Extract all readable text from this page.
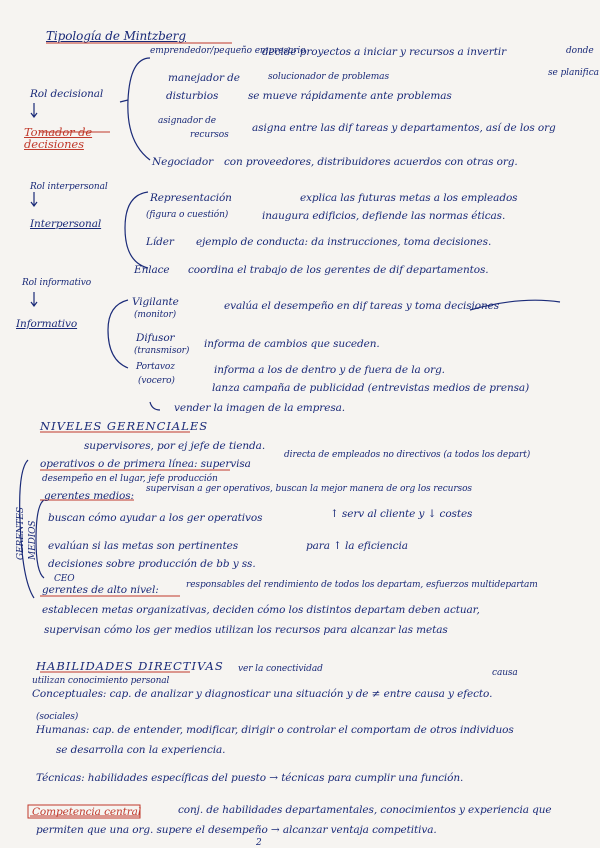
Tipología de Mintzberg
Rol decisional
Tomador de decisiones
emprendedor/pequeño empresario
decide proyectos a iniciar y recursos a invertir	donde
se planifica
manejador de
disturbios
solucionador de problemas
se mueve rápidamente ante problemas
asignador de
recursos
asigna entre las dif tareas y departamentos, así de los org
Negociador con proveedores, distribuidores acuerdos con otras org.
Rol interpersonal
Interpersonal
Representación
(figura o cuestión)
explica las futuras metas a los empleados
inaugura edificios, defiende las normas éticas.
Líder ejemplo de conducta: da instrucciones, toma decisiones.
Enlace coordina el trabajo de los gerentes de dif departamentos.
Rol informativo
Informativo
Vigilante
(monitor)
evalúa el desempeño en dif tareas y toma decisiones
Difusor
(transmisor)
informa de cambios que suceden.
Portavoz
(vocero)
informa a los de dentro y de fuera de la org.
lanza campaña de publicidad (entrevistas medios de prensa)
vender la imagen de la empresa.
NIVELES GERENCIALES
supervisores, por ej jefe de tienda.
operativos o de primera línea: supervisa
directa de empleados no directivos (a todos los depart)
desempeño en el lugar, jefe producción
gerentes medios:
supervisan a ger operativos, buscan la mejor manera de org los recursos
GERENTES MEDIOS
buscan cómo ayudar a los ger operativos	↑ serv al cliente y ↓ costes
evalúan si las metas son pertinentes	para ↑ la eficiencia
decisiones sobre producción de bb y ss.
CEO
gerentes de alto nivel:	responsables del rendimiento de todos los departam, esfuerzos multidepartam
establecen metas organizativas, deciden cómo los distintos departam deben actuar,
supervisan cómo los ger medios utilizan los recursos para alcanzar las metas
HABILIDADES DIRECTIVAS
utilizan conocimiento personal
ver la conectividad	causa
Conceptuales: cap. de analizar y diagnosticar una situación y de ≠ entre causa y efecto.
(sociales)
Humanas: cap. de entender, modificar, dirigir o controlar el comportam de otros individuos
se desarrolla con la experiencia.
Técnicas: habilidades específicas del puesto → técnicas para cumplir una función.
Competencia central	conj. de habilidades departamentales, conocimientos y experiencia que
permiten que una org. supere el desempeño → alcanzar ventaja competitiva.
2
